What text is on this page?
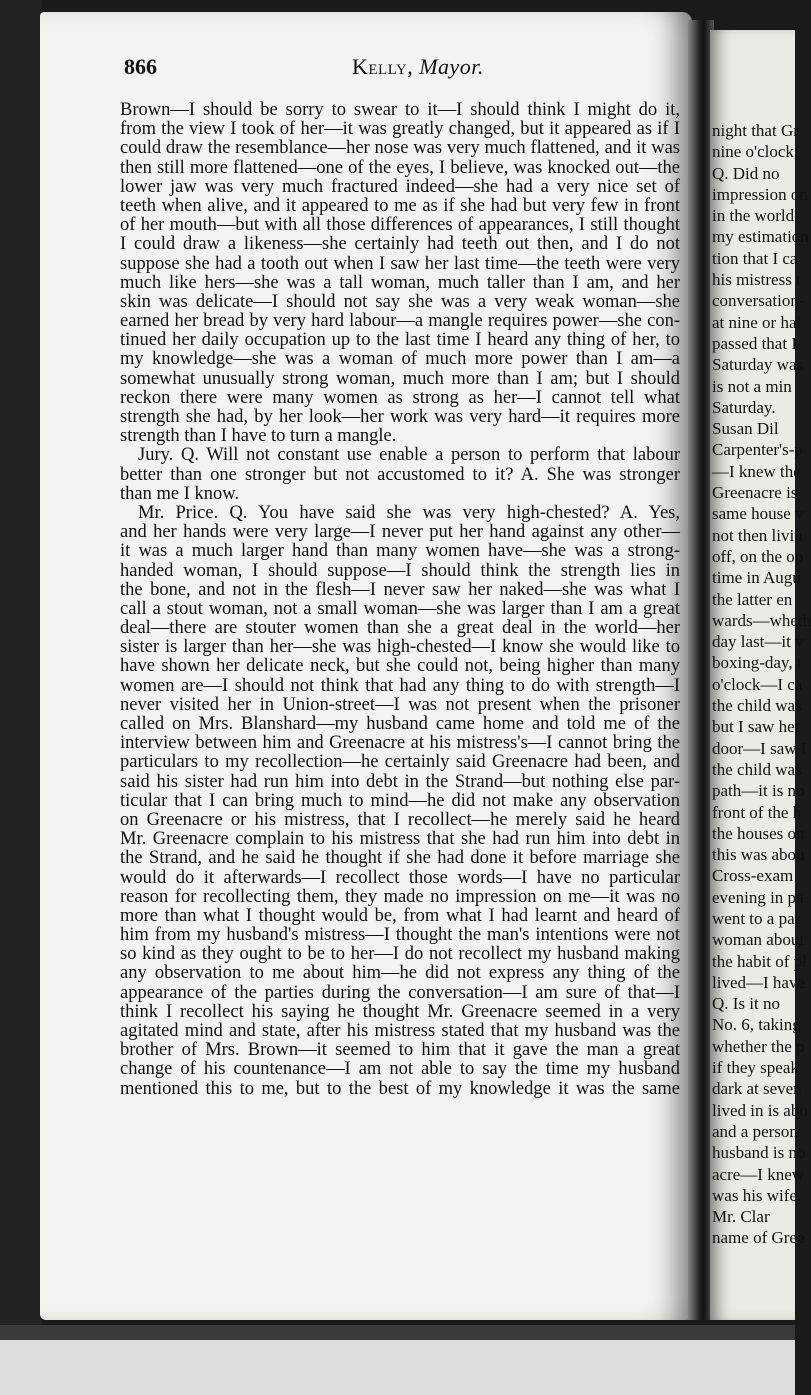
night that Gr
nine o'clock,
Q. Did no
impression on
in the world-
my estimation
tion that I ca
his mistress t
conversation-
at nine or hal
passed that I
Saturday was
is not a min
Saturday.
Susan Dil
Carpenter's-p
—I knew the
Greenacre is
same house v
not then livin
off, on the op
time in Augu
the latter en
wards—wheth
day last—it v
boxing-day, t
o'clock—I ca
the child was
but I saw her
door—I saw I
the child was
path—it is no
front of the h
the houses on
this was abou
Cross-exam
evening in pa
went to a par
woman about
the habit of pl
lived—I have
Q. Is it no
No. 6, taking
whether the p
if they speak
dark at seven
lived in is abo
and a person
husband is no
acre—I knew
was his wife.
Mr. Clar
name of Gree
866	Kelly, Mayor.
Brown—I should be sorry to swear to it—I should think I might do it,
from the view I took of her—it was greatly changed, but it appeared as if I
could draw the resemblance—her nose was very much flattened, and it was
then still more flattened—one of the eyes, I believe, was knocked out—the
lower jaw was very much fractured indeed—she had a very nice set of
teeth when alive, and it appeared to me as if she had but very few in front
of her mouth—but with all those differences of appearances, I still thought
I could draw a likeness—she certainly had teeth out then, and I do not
suppose she had a tooth out when I saw her last time—the teeth were very
much like hers—she was a tall woman, much taller than I am, and her
skin was delicate—I should not say she was a very weak woman—she
earned her bread by very hard labour—a mangle requires power—she con-
tinued her daily occupation up to the last time I heard any thing of her, to
my knowledge—she was a woman of much more power than I am—a
somewhat unusually strong woman, much more than I am; but I should
reckon there were many women as strong as her—I cannot tell what
strength she had, by her look—her work was very hard—it requires more
strength than I have to turn a mangle.
Jury. Q. Will not constant use enable a person to perform that labour
better than one stronger but not accustomed to it? A. She was stronger
than me I know.
Mr. Price. Q. You have said she was very high-chested? A. Yes,
and her hands were very large—I never put her hand against any other—
it was a much larger hand than many women have—she was a strong-
handed woman, I should suppose—I should think the strength lies in
the bone, and not in the flesh—I never saw her naked—she was what I
call a stout woman, not a small woman—she was larger than I am a great
deal—there are stouter women than she a great deal in the world—her
sister is larger than her—she was high-chested—I know she would like to
have shown her delicate neck, but she could not, being higher than many
women are—I should not think that had any thing to do with strength—I
never visited her in Union-street—I was not present when the prisoner
called on Mrs. Blanshard—my husband came home and told me of the
interview between him and Greenacre at his mistress's—I cannot bring the
particulars to my recollection—he certainly said Greenacre had been, and
said his sister had run him into debt in the Strand—but nothing else par-
ticular that I can bring much to mind—he did not make any observation
on Greenacre or his mistress, that I recollect—he merely said he heard
Mr. Greenacre complain to his mistress that she had run him into debt in
the Strand, and he said he thought if she had done it before marriage she
would do it afterwards—I recollect those words—I have no particular
reason for recollecting them, they made no impression on me—it was no
more than what I thought would be, from what I had learnt and heard of
him from my husband's mistress—I thought the man's intentions were not
so kind as they ought to be to her—I do not recollect my husband making
any observation to me about him—he did not express any thing of the
appearance of the parties during the conversation—I am sure of that—I
think I recollect his saying he thought Mr. Greenacre seemed in a very
agitated mind and state, after his mistress stated that my husband was the
brother of Mrs. Brown—it seemed to him that it gave the man a great
change of his countenance—I am not able to say the time my husband
mentioned this to me, but to the best of my knowledge it was the same
